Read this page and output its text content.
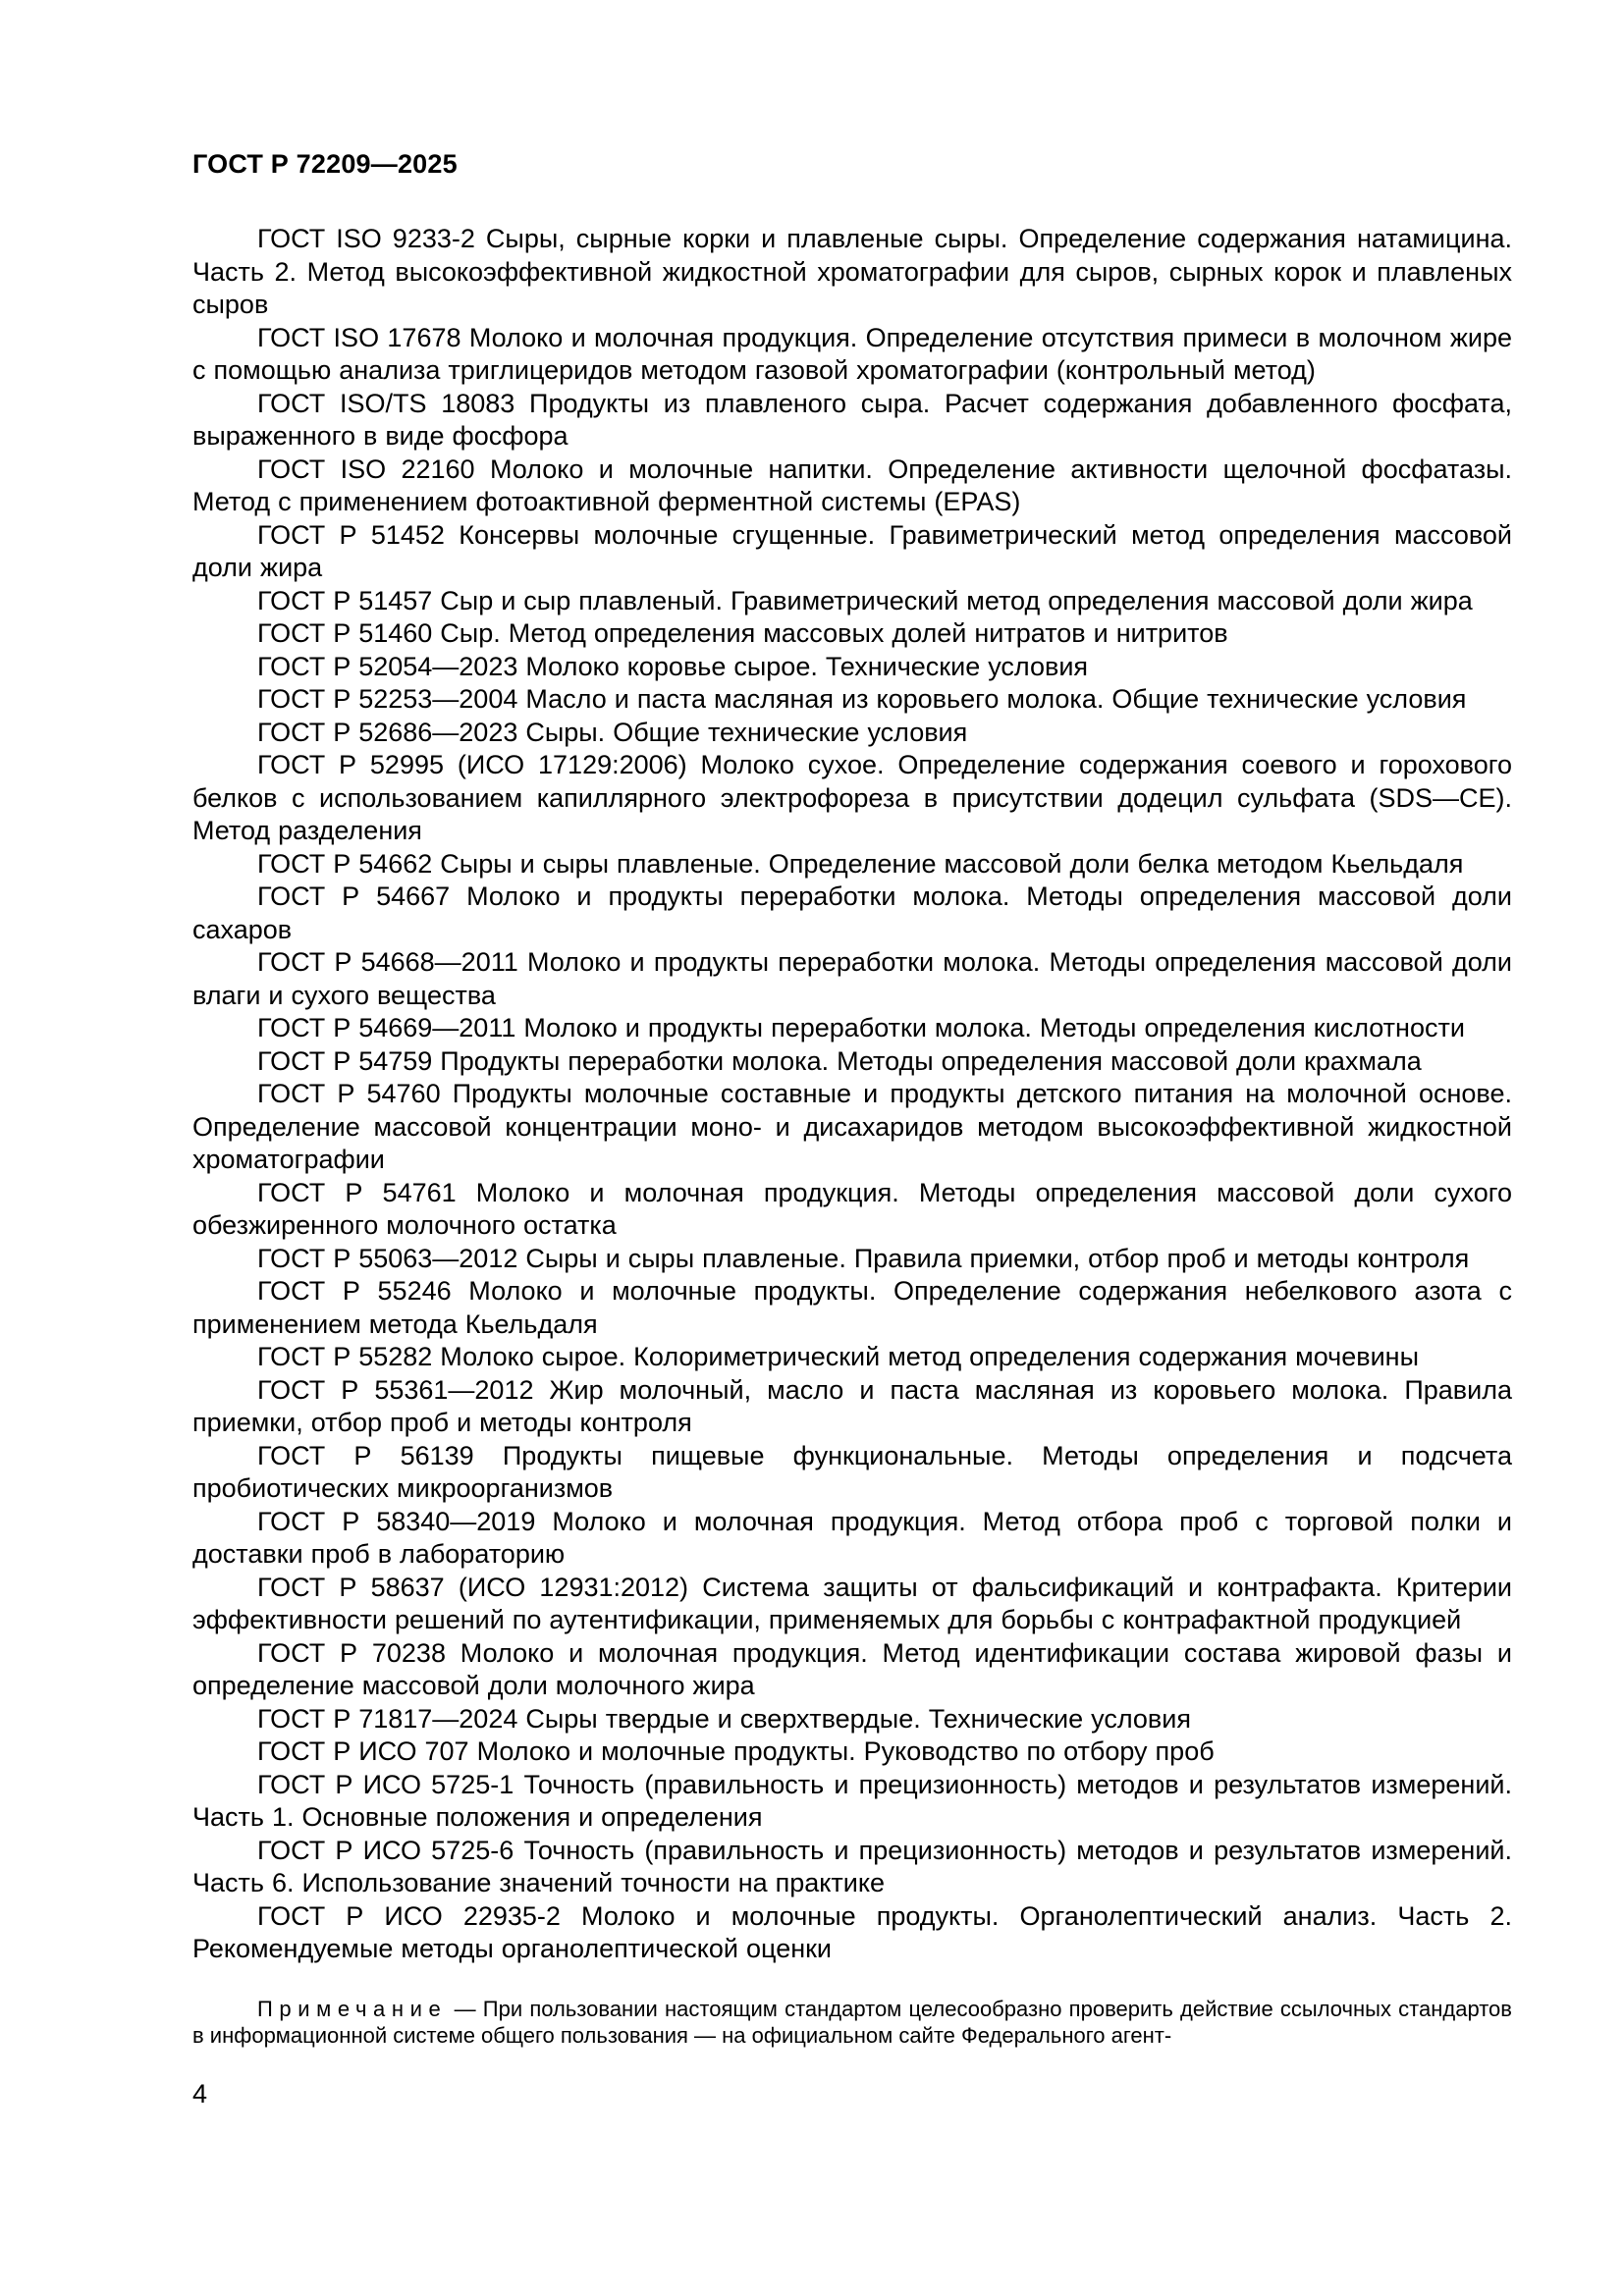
ГОСТ Р 72209—2025

ГОСТ ISO 9233-2 Сыры, сырные корки и плавленые сыры. Определение содержания натамицина. Часть 2. Метод высокоэффективной жидкостной хроматографии для сыров, сырных корок и плавленых сыров

ГОСТ ISO 17678 Молоко и молочная продукция. Определение отсутствия примеси в молочном жире с помощью анализа триглицеридов методом газовой хроматографии (контрольный метод)

ГОСТ ISO/TS 18083 Продукты из плавленого сыра. Расчет содержания добавленного фосфата, выраженного в виде фосфора

ГОСТ ISO 22160 Молоко и молочные напитки. Определение активности щелочной фосфатазы. Метод с применением фотоактивной ферментной системы (EPAS)

ГОСТ Р 51452 Консервы молочные сгущенные. Гравиметрический метод определения массовой доли жира

ГОСТ Р 51457 Сыр и сыр плавленый. Гравиметрический метод определения массовой доли жира

ГОСТ Р 51460 Сыр. Метод определения массовых долей нитратов и нитритов

ГОСТ Р 52054—2023 Молоко коровье сырое. Технические условия

ГОСТ Р 52253—2004 Масло и паста масляная из коровьего молока. Общие технические условия

ГОСТ Р 52686—2023 Сыры. Общие технические условия

ГОСТ Р 52995 (ИСО 17129:2006) Молоко сухое. Определение содержания соевого и горохового белков с использованием капиллярного электрофореза в присутствии додецил сульфата (SDS—CE). Метод разделения

ГОСТ Р 54662 Сыры и сыры плавленые. Определение массовой доли белка методом Кьельдаля

ГОСТ Р 54667 Молоко и продукты переработки молока. Методы определения массовой доли сахаров

ГОСТ Р 54668—2011 Молоко и продукты переработки молока. Методы определения массовой доли влаги и сухого вещества

ГОСТ Р 54669—2011 Молоко и продукты переработки молока. Методы определения кислотности

ГОСТ Р 54759 Продукты переработки молока. Методы определения массовой доли крахмала

ГОСТ Р 54760 Продукты молочные составные и продукты детского питания на молочной основе. Определение массовой концентрации моно- и дисахаридов методом высокоэффективной жидкостной хроматографии

ГОСТ Р 54761 Молоко и молочная продукция. Методы определения массовой доли сухого обезжиренного молочного остатка

ГОСТ Р 55063—2012 Сыры и сыры плавленые. Правила приемки, отбор проб и методы контроля

ГОСТ Р 55246 Молоко и молочные продукты. Определение содержания небелкового азота с применением метода Кьельдаля

ГОСТ Р 55282 Молоко сырое. Колориметрический метод определения содержания мочевины

ГОСТ Р 55361—2012 Жир молочный, масло и паста масляная из коровьего молока. Правила приемки, отбор проб и методы контроля

ГОСТ Р 56139 Продукты пищевые функциональные. Методы определения и подсчета пробиотических микроорганизмов

ГОСТ Р 58340—2019 Молоко и молочная продукция. Метод отбора проб с торговой полки и доставки проб в лабораторию

ГОСТ Р 58637 (ИСО 12931:2012) Система защиты от фальсификаций и контрафакта. Критерии эффективности решений по аутентификации, применяемых для борьбы с контрафактной продукцией

ГОСТ Р 70238 Молоко и молочная продукция. Метод идентификации состава жировой фазы и определение массовой доли молочного жира

ГОСТ Р 71817—2024 Сыры твердые и сверхтвердые. Технические условия

ГОСТ Р ИСО 707 Молоко и молочные продукты. Руководство по отбору проб

ГОСТ Р ИСО 5725-1 Точность (правильность и прецизионность) методов и результатов измерений. Часть 1. Основные положения и определения

ГОСТ Р ИСО 5725-6 Точность (правильность и прецизионность) методов и результатов измерений. Часть 6. Использование значений точности на практике

ГОСТ Р ИСО 22935-2 Молоко и молочные продукты. Органолептический анализ. Часть 2. Рекомендуемые методы органолептической оценки

Примечание — При пользовании настоящим стандартом целесообразно проверить действие ссылочных стандартов в информационной системе общего пользования — на официальном сайте Федерального агент-

4
